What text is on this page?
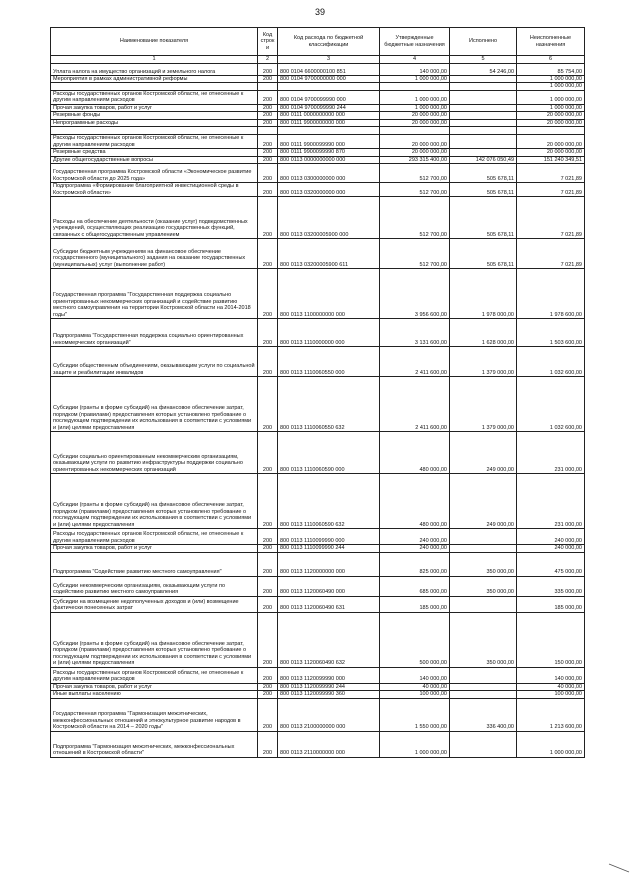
39
Наименование показателя	Код строк и	Код расхода по бюджетной классификации	Утвержденные бюджетные назначения	Исполнено	Неисполненные назначения
1	2	3	4	5	6
Уплата налога на имущество организаций и земельного налога	200	800 0104 6600000100 851	140 000,00	54 246,00	85 754,00
Мероприятия в рамках административной реформы	200	800 0104 9700000000 000	1 000 000,00		1 000 000,00
					1 000 000,00
Расходы государственных органов Костромской области, не отнесенные к другим направлениям расходов	200	800 0104 9700099990 000	1 000 000,00		1 000 000,00
Прочая закупка товаров, работ и услуг	200	800 0104 9700099990 244	1 000 000,00		1 000 000,00
Резервные фонды	200	800 0111 0000000000 000	20 000 000,00		20 000 000,00
Непрограммные расходы	200	800 0111 9900000000 000	20 000 000,00		20 000 000,00

Расходы государственных органов Костромской области, не отнесенные к другим направлениям расходов	200	800 0111 9900099990 000	20 000 000,00		20 000 000,00
Резервные средства	200	800 0111 9900099990 870	20 000 000,00		20 000 000,00
Другие общегосударственные вопросы	200	800 0113 0000000000 000	293 315 400,00	142 076 050,49	151 240 349,51
Государственная программа Костромской области «Экономическое развитие Костромской области до 2025 года»	200	800 0113 0300000000 000	512 700,00	505 678,11	7 021,89
Подпрограмма «Формирование благоприятной инвестиционной среды в Костромской области»	200	800 0113 0320000000 000	512 700,00	505 678,11	7 021,89
Расходы на обеспечение деятельности (оказание услуг) подведомственных учреждений, осуществляющих реализацию государственных функций, связанных с общегосударственным управлением	200	800 0113 03200005900 000	512 700,00	505 678,11	7 021,89
Субсидии бюджетным учреждениям на финансовое обеспечение государственного (муниципального) задания на оказание государственных (муниципальных) услуг (выполнение работ)	200	800 0113 03200005900 611	512 700,00	505 678,11	7 021,89
Государственная программа "Государственная поддержка социально ориентированных некоммерческих организаций и содействие развитию местного самоуправления на территории Костромской области на 2014-2018 годы"	200	800 0113 1100000000 000	3 956 600,00	1 978 000,00	1 978 600,00
Подпрограмма "Государственная поддержка социально ориентированных некоммерческих организаций"	200	800 0113 1110000000 000	3 131 600,00	1 628 000,00	1 503 600,00
Субсидии общественным объединениям, оказывающим услуги по социальной защите и реабилитации инвалидов	200	800 0113 1110060550 000	2 411 600,00	1 379 000,00	1 032 600,00
Субсидии (гранты в форме субсидий) на финансовое обеспечение затрат, порядком (правилами) предоставления которых установлено требование о последующем подтверждении их использования в соответствии с условиями и (или) целями предоставления	200	800 0113 1110060550 632	2 411 600,00	1 379 000,00	1 032 600,00
Субсидии социально ориентированным некоммерческим организациям, оказывающим услуги по развитию инфраструктуры поддержки социально ориентированных некоммерческих организаций	200	800 0113 1110060590 000	480 000,00	249 000,00	231 000,00
Субсидии (гранты в форме субсидий) на финансовое обеспечение затрат, порядком (правилами) предоставления которых установлено требование о последующем подтверждении их использования в соответствии с условиями и (или) целями предоставления	200	800 0113 1110060590 632	480 000,00	249 000,00	231 000,00
Расходы государственных органов Костромской области, не отнесенные к другим направлениям расходов	200	800 0113 1110099990 000	240 000,00		240 000,00
Прочая закупка товаров, работ и услуг	200	800 0113 1110099990 244	240 000,00		240 000,00
Подпрограмма "Содействие развитию местного самоуправления"	200	800 0113 1120000000 000	825 000,00	350 000,00	475 000,00
Субсидии некоммерческим организациям, оказывающим услуги по содействию развитию местного самоуправления	200	800 0113 1120060490 000	685 000,00	350 000,00	335 000,00
Субсидии на возмещение недополученных доходов и (или) возмещение фактически понесенных затрат	200	800 0113 1120060490 631	185 000,00		185 000,00
Субсидии (гранты в форме субсидий) на финансовое обеспечение затрат, порядком (правилами) предоставления которых установлено требование о последующем подтверждении их использования в соответствии с условиями и (или) целями предоставления	200	800 0113 1120060490 632	500 000,00	350 000,00	150 000,00
Расходы государственных органов Костромской области, не отнесенные к другим направлениям расходов	200	800 0113 1120099990 000	140 000,00		140 000,00
Прочая закупка товаров, работ и услуг	200	800 0113 1120099990 244	40 000,00		40 000,00
Иные выплаты населению	200	800 0113 1120099990 360	100 000,00		100 000,00
Государственная программа "Гармонизация межэтнических, межконфессиональных отношений и этнокультурное развитие народов в Костромской области на 2014 – 2020 годы"	200	800 0113 2100000000 000	1 550 000,00	336 400,00	1 213 600,00
Подпрограмма "Гармонизация межэтнических, межконфессиональных отношений в Костромской области"	200	800 0113 2110000000 000	1 000 000,00		1 000 000,00
